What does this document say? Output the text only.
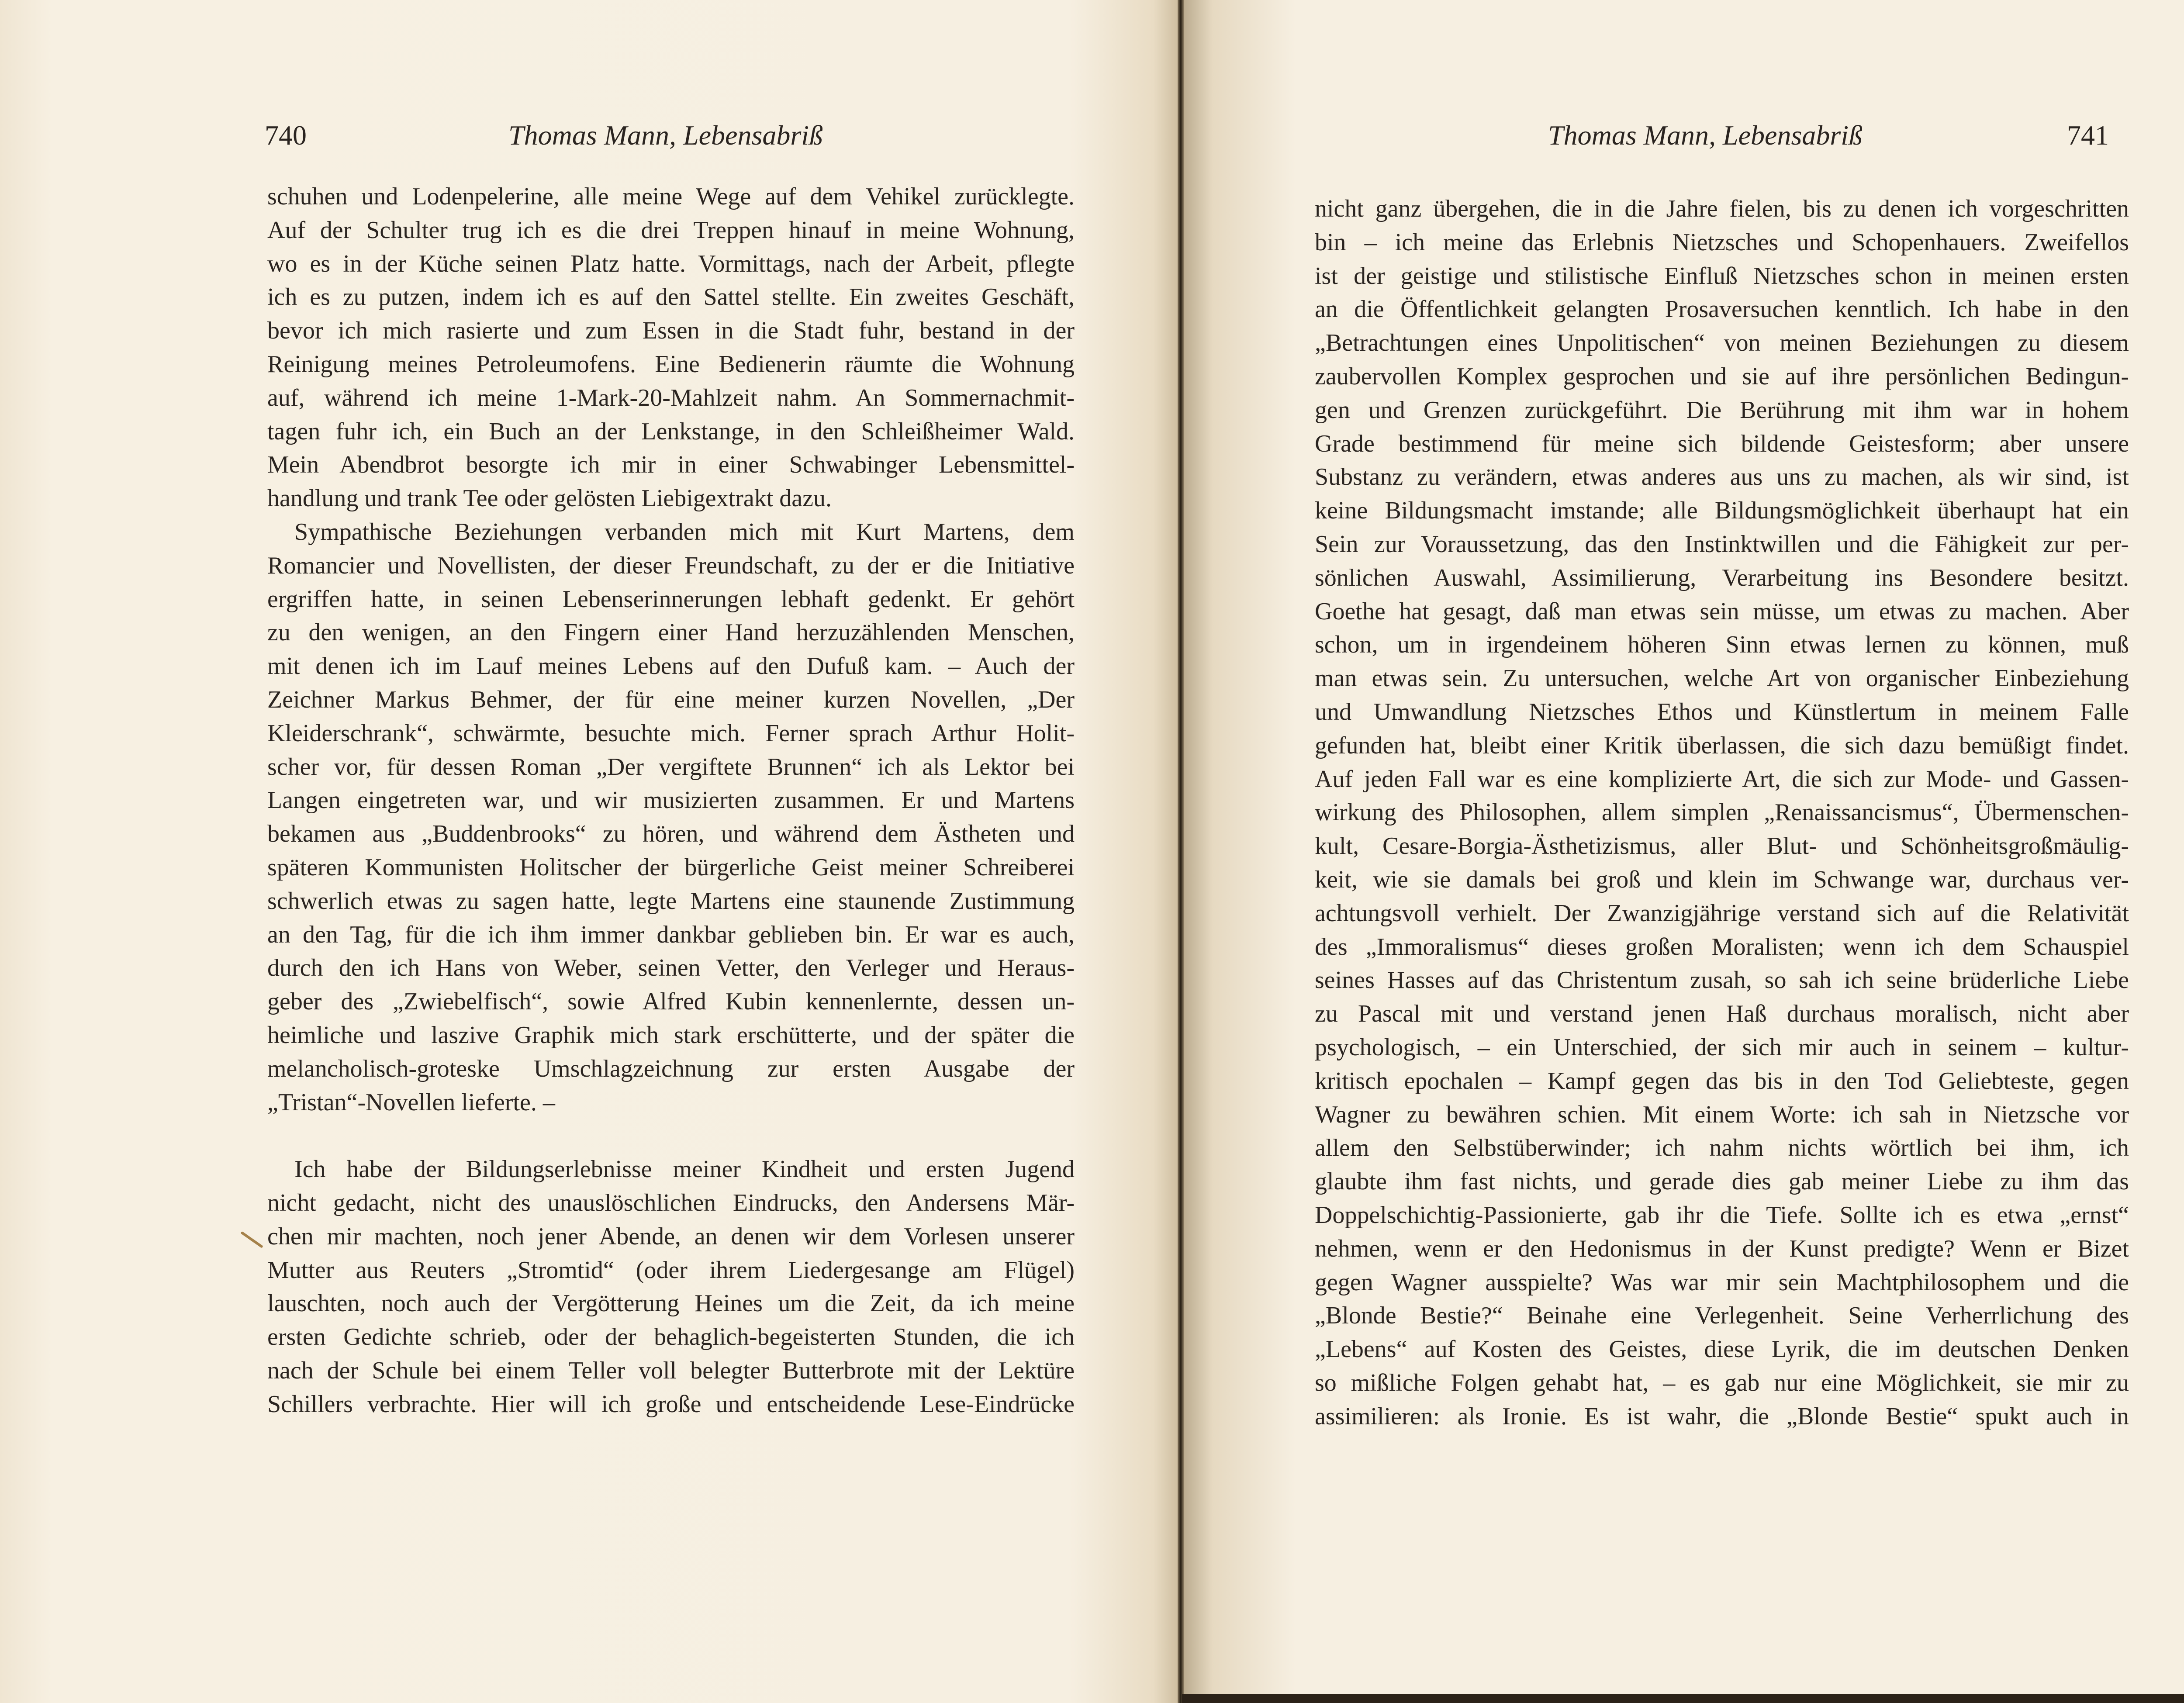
740	Thomas Mann, Lebensabriß
schuhen und Lodenpelerine, alle meine Wege auf dem Vehikel zurücklegte.
Auf der Schulter trug ich es die drei Treppen hinauf in meine Wohnung,
wo es in der Küche seinen Platz hatte. Vormittags, nach der Arbeit, pflegte
ich es zu putzen, indem ich es auf den Sattel stellte. Ein zweites Geschäft,
bevor ich mich rasierte und zum Essen in die Stadt fuhr, bestand in der
Reinigung meines Petroleumofens. Eine Bedienerin räumte die Wohnung
auf, während ich meine 1-Mark-20-Mahlzeit nahm. An Sommernachmit-
tagen fuhr ich, ein Buch an der Lenkstange, in den Schleißheimer Wald.
Mein Abendbrot besorgte ich mir in einer Schwabinger Lebensmittel-
handlung und trank Tee oder gelösten Liebigextrakt dazu.
Sympathische Beziehungen verbanden mich mit Kurt Martens, dem
Romancier und Novellisten, der dieser Freundschaft, zu der er die Initiative
ergriffen hatte, in seinen Lebenserinnerungen lebhaft gedenkt. Er gehört
zu den wenigen, an den Fingern einer Hand herzuzählenden Menschen,
mit denen ich im Lauf meines Lebens auf den Dufuß kam. – Auch der
Zeichner Markus Behmer, der für eine meiner kurzen Novellen, „Der
Kleiderschrank“, schwärmte, besuchte mich. Ferner sprach Arthur Holit-
scher vor, für dessen Roman „Der vergiftete Brunnen“ ich als Lektor bei
Langen eingetreten war, und wir musizierten zusammen. Er und Martens
bekamen aus „Buddenbrooks“ zu hören, und während dem Ästheten und
späteren Kommunisten Holitscher der bürgerliche Geist meiner Schreiberei
schwerlich etwas zu sagen hatte, legte Martens eine staunende Zustimmung
an den Tag, für die ich ihm immer dankbar geblieben bin. Er war es auch,
durch den ich Hans von Weber, seinen Vetter, den Verleger und Heraus-
geber des „Zwiebelfisch“, sowie Alfred Kubin kennenlernte, dessen un-
heimliche und laszive Graphik mich stark erschütterte, und der später die
melancholisch-groteske Umschlagzeichnung zur ersten Ausgabe der
„Tristan“-Novellen lieferte. –
Ich habe der Bildungserlebnisse meiner Kindheit und ersten Jugend
nicht gedacht, nicht des unauslöschlichen Eindrucks, den Andersens Mär-
chen mir machten, noch jener Abende, an denen wir dem Vorlesen unserer
Mutter aus Reuters „Stromtid“ (oder ihrem Liedergesange am Flügel)
lauschten, noch auch der Vergötterung Heines um die Zeit, da ich meine
ersten Gedichte schrieb, oder der behaglich-begeisterten Stunden, die ich
nach der Schule bei einem Teller voll belegter Butterbrote mit der Lektüre
Schillers verbrachte. Hier will ich große und entscheidende Lese-Eindrücke
Thomas Mann, Lebensabriß	741
nicht ganz übergehen, die in die Jahre fielen, bis zu denen ich vorgeschritten
bin – ich meine das Erlebnis Nietzsches und Schopenhauers. Zweifellos
ist der geistige und stilistische Einfluß Nietzsches schon in meinen ersten
an die Öffentlichkeit gelangten Prosaversuchen kenntlich. Ich habe in den
„Betrachtungen eines Unpolitischen“ von meinen Beziehungen zu diesem
zaubervollen Komplex gesprochen und sie auf ihre persönlichen Bedingun-
gen und Grenzen zurückgeführt. Die Berührung mit ihm war in hohem
Grade bestimmend für meine sich bildende Geistesform; aber unsere
Substanz zu verändern, etwas anderes aus uns zu machen, als wir sind, ist
keine Bildungsmacht imstande; alle Bildungsmöglichkeit überhaupt hat ein
Sein zur Voraussetzung, das den Instinktwillen und die Fähigkeit zur per-
sönlichen Auswahl, Assimilierung, Verarbeitung ins Besondere besitzt.
Goethe hat gesagt, daß man etwas sein müsse, um etwas zu machen. Aber
schon, um in irgendeinem höheren Sinn etwas lernen zu können, muß
man etwas sein. Zu untersuchen, welche Art von organischer Einbeziehung
und Umwandlung Nietzsches Ethos und Künstlertum in meinem Falle
gefunden hat, bleibt einer Kritik überlassen, die sich dazu bemüßigt findet.
Auf jeden Fall war es eine komplizierte Art, die sich zur Mode- und Gassen-
wirkung des Philosophen, allem simplen „Renaissancismus“, Übermenschen-
kult, Cesare-Borgia-Ästhetizismus, aller Blut- und Schönheitsgroßmäulig-
keit, wie sie damals bei groß und klein im Schwange war, durchaus ver-
achtungsvoll verhielt. Der Zwanzigjährige verstand sich auf die Relativität
des „Immoralismus“ dieses großen Moralisten; wenn ich dem Schauspiel
seines Hasses auf das Christentum zusah, so sah ich seine brüderliche Liebe
zu Pascal mit und verstand jenen Haß durchaus moralisch, nicht aber
psychologisch, – ein Unterschied, der sich mir auch in seinem – kultur-
kritisch epochalen – Kampf gegen das bis in den Tod Geliebteste, gegen
Wagner zu bewähren schien. Mit einem Worte: ich sah in Nietzsche vor
allem den Selbstüberwinder; ich nahm nichts wörtlich bei ihm, ich
glaubte ihm fast nichts, und gerade dies gab meiner Liebe zu ihm das
Doppelschichtig-Passionierte, gab ihr die Tiefe. Sollte ich es etwa „ernst“
nehmen, wenn er den Hedonismus in der Kunst predigte? Wenn er Bizet
gegen Wagner ausspielte? Was war mir sein Machtphilosophem und die
„Blonde Bestie?“ Beinahe eine Verlegenheit. Seine Verherrlichung des
„Lebens“ auf Kosten des Geistes, diese Lyrik, die im deutschen Denken
so mißliche Folgen gehabt hat, – es gab nur eine Möglichkeit, sie mir zu
assimilieren: als Ironie. Es ist wahr, die „Blonde Bestie“ spukt auch in
